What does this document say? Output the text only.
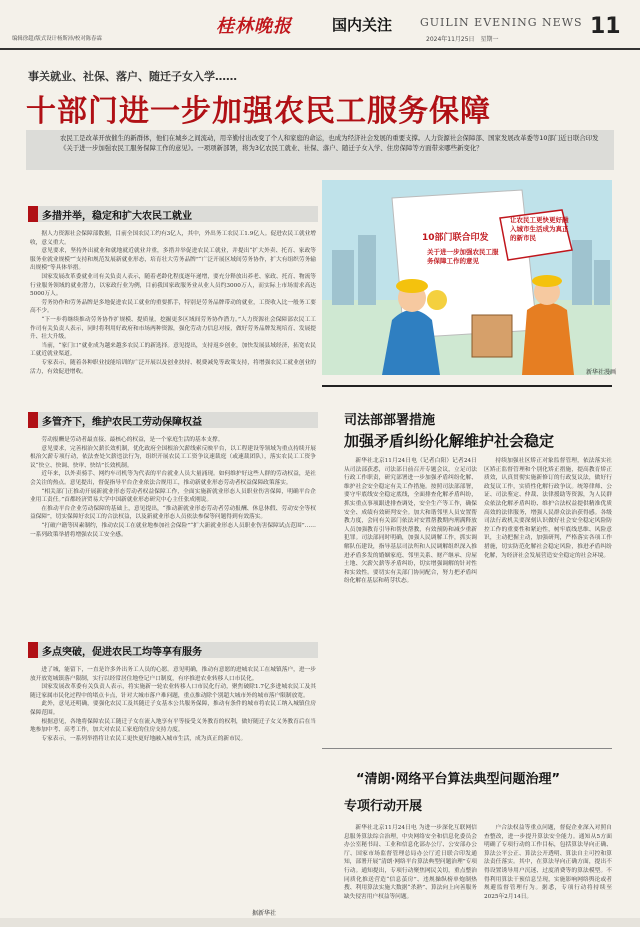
编辑徐超/版式设计杨斯沛/校对陈春霖
桂林晚报	国内关注	GUILIN EVENING NEWS
2024年11月25日　星期一
11
事关就业、社保、落户、随迁子女入学……
十部门进一步加强农民工服务保障
农民工是改革开放催生的新群体，他们在城乡之间流动，用辛勤付出改变了个人和家庭的命运，也成为经济社会发展的重要支撑。人力资源社会保障部、国家发展改革委等10部门近日联合印发《关于进一步加强农民工服务保障工作的意见》。一项项新部署，将为3亿农民工就业、社保、落户、随迁子女入学、住房保障等方面带来哪些新变化？
多措并举，稳定和扩大农民工就业

据人力资源社会保障部数据，目前全国农民工约有3亿人，其中，外出务工农民工1.9亿人。促进农民工就业增收，意义重大。

意见要求，坚持外出就业和就地就近就业并重，多措并举促进农民工就业，并提出“扩大外卖、托育、家政等服务业就业规模”“支持和规范发展新就业形态，培育壮大劳务品牌”“广泛开展区域间劳务协作，扩大有组织劳务输出规模”等具体举措。

国家发展改革委就业司有关负责人表示，随着老龄化程度逐年递增，要充分释放出养老、家政、托育、物流等行业服务领域的就业潜力，以家政行业为例，目前我国家政服务业从业人员约3000万人，而实际上市场需求高达5000万人。

劳务协作和劳务品牌是多地促进农民工就业的重要抓手，特别是劳务品牌带动的就业，工资收入比一般务工要高不少。

“下一步将继续推动劳务协作扩规模、提质量，挖掘更多区域间劳务协作潜力。”人力资源社会保障部农民工工作司有关负责人表示，同时将利用好政府和市场两种资源，强化劳动力信息对接，做好劳务品牌发现培育、发展提升、壮大升级。

当前，“家门口”就业成为越来越多农民工的新选择。意见提出，支持返乡创业，加快发展县域经济，拓宽农民工就近就业渠道。

专家表示，随着各种职业技能培训的广泛开展以及创业扶持、税费减免等政策支持，将增强农民工就业创业的活力，有效促进增收。

多管齐下，维护农民工劳动保障权益

劳动报酬是劳动者最直接、最核心的权益，是一个家庭生活的基本支撑。

意见要求，完善根治欠薪长效机制，优化政府全国根治欠薪线索反映平台，以工程建设等领域为重点持续开展根治欠薪专项行动，依法查处欠薪违法行为，组织开展农民工工资争议速裁庭（或速裁团队），落实农民工工资争议“快立、快调、快审、快结”长效机制。

近年来，以外卖骑手、网约车司机等为代表的平台就业人员大量涌现。如何维护好这些人群的劳动权益，是社会关注的热点。意见提出，督促指导平台企业依法合规用工，推动新就业形态劳动者权益保障政策落实。

“相关部门正推动开展新就业形态劳动者权益保障工作，全面实施新就业形态人员职业伤害保障，明确平台企业用工责任。”首都经济贸易大学中国新就业形态研究中心主任张成刚说。

在推动平台企业劳动保障的基础上，意见提出，“推动新就业形态劳动者劳动报酬、休息休假、劳动安全等权益保障”，切实保障好农民工的合法权益，以及新就业形态人员依法参保等问题得到有效落实。

“打破户籍等因素制约，推动农民工在就业地参加社会保险”“扩大新就业形态人员职业伤害保障试点范围”……一系列政策举措将增强农民工安全感。

多点突破，促进农民工均等享有服务

进了城，能留下，一直是许多外出务工人员的心愿。意见明确，推动有意愿的进城农民工在城镇落户，进一步放开放宽城镇落户限制，实行以经常居住地登记户口制度，有序推进农业转移人口市民化。

国家发展改革委有关负责人表示，将实施新一轮农业转移人口市民化行动，聚焦破除1.7亿多进城农民工及其随迁家属市民化过程中的堵点卡点，针对大城市落户难问题，重点推动除个别超大城市外的城市落户限制放宽。

此外，意见还明确，要强化农民工及其随迁子女基本公共服务保障，推动有条件的城市将农民工纳入城镇住房保障范围。

根据意见，各地将保障农民工随迁子女在流入地享有平等接受义务教育的权利，做好随迁子女义务教育后在当地参加中考、高考工作，加大对农民工家庭的住房支持力度。

专家表示，一系列举措将让农民工更快更好地融入城市生活，成为真正的新市民。

据新华社
让农民工更快更好融入城市生活成为真正的新市民
10部门联合印发
关于进一步加强农民工服务保障工作的意见
新华社漫画
司法部部署措施
加强矛盾纠纷化解维护社会稳定

新华社北京11月24日电（记者白阳）记者24日从司法部获悉，司法部日前召开专题会议，立足司法行政工作职责，研究部署进一步加强矛盾纠纷化解、维护社会安全稳定有关工作措施。按照司法部部署，要守牢底线安全稳定底线，全面排查化解矛盾纠纷，抓实重点事项跟进排查调处，安全生产等工作，确保安全、成绩有效研判安全。加大和谐邻里人员安置帮教力度，会同有关部门依法对安置帮教期内刑满释放人员加强教育引导和帮扶帮教，有效预防和减少重新犯罪。司法部同时明确，加强人民调解工作，抓实调解队伍建设，指导基层司法所和人民调解组织深入推进矛盾多发的婚姻家庭、邻里关系、财产继承、房屋土地、欠薪欠薪等矛盾纠纷，切实增强调解的针对性和实效性。要切实有关部门协同配合，努力把矛盾纠纷化解在基层和萌芽状态。

持续加强社区矫正对象监督管理，依法落实社区矫正监督管理和个别化矫正措施，提高教育矫正质效，认真贯彻实施新修订的行政复议法，做好行政复议工作，实质性化解行政争议。统筹律师、公证、司法鉴定、仲裁、法律援助等资源，为人民群众依法化解矛盾纠纷、维护合法权益提供精准优质高效的法律服务，增强人民群众法治获得感。各级司法行政机关要深刻认识做好社会安全稳定风险防控工作的重要性和紧迫性，树牢底线思维、风险意识，主动把握主动，加强研判，严格落实各项工作措施，切实防范化解社会稳定风险，推进矛盾纠纷化解，为经济社会发展营造安全稳定的社会环境。

“清朗·网络平台算法典型问题治理”
专项行动开展

新华社北京11月24日电 为进一步深化互联网信息服务算法综合治理，中央网络安全和信息化委员会办公室秘书局、工业和信息化部办公厅、公安部办公厅、国家市场监督管理总局办公厅近日联合印发通知，部署开展“清朗·网络平台算法典型问题治理”专项行动。通知提出，专项行动聚焦网民关切，重点整治同质化推送营造“信息茧房”、违规操纵榜单炮制热搜、利用算法实施大数据“杀熟”、算法向上向善服务缺失侵害用户权益等问题。

户合法权益等重点问题，督促企业深入对照自查整改，进一步提升算法安全能力。通知从5方面明确了专项行动的工作目标，包括算法导向正确、算法公平公正、算法公开透明、算法自主可控和算法责任落实。其中，在算法导向正确方面，提出不得设置诱导用户沉迷、过度消费等的算法模型。不得利用算法干预信息呈现，实施影响网络舆论或者规避监督管理行为。据悉，专项行动将持续至2025年2月14日。
